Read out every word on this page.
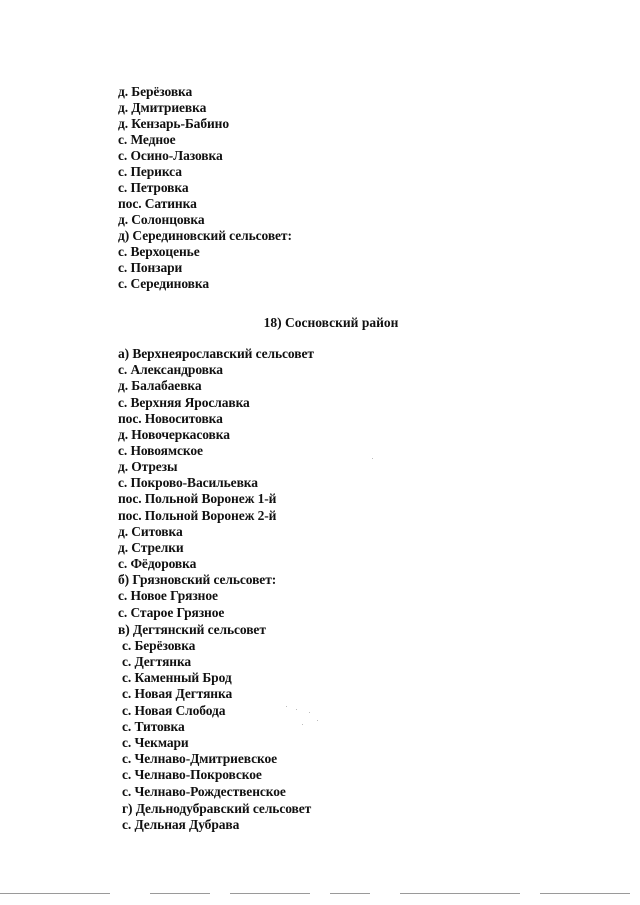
д. Берёзовка
д. Дмитриевка
д. Кензарь-Бабино
с. Медное
с. Осино-Лазовка
с. Перикса
с. Петровка
пос. Сатинка
д. Солонцовка
д) Серединовский сельсовет:
с. Верхоценье
с. Понзари
с. Серединовка
18) Сосновский район
а) Верхнеярославский сельсовет
с. Александровка
д. Балабаевка
с. Верхняя Ярославка
пос. Новоситовка
д. Новочеркасовка
с. Новоямское
д. Отрезы
с. Покрово-Васильевка
пос. Польной Воронеж 1-й
пос. Польной Воронеж 2-й
д. Ситовка
д. Стрелки
с. Фёдоровка
б) Грязновский сельсовет:
с. Новое Грязное
с. Старое Грязное
в) Дегтянский сельсовет
с. Берёзовка
с. Дегтянка
с. Каменный Брод
с. Новая Дегтянка
с. Новая Слобода
с. Титовка
с. Чекмари
с. Челнаво-Дмитриевское
с. Челнаво-Покровское
с. Челнаво-Рождественское
г) Дельнодубравский сельсовет
с. Дельная Дубрава
